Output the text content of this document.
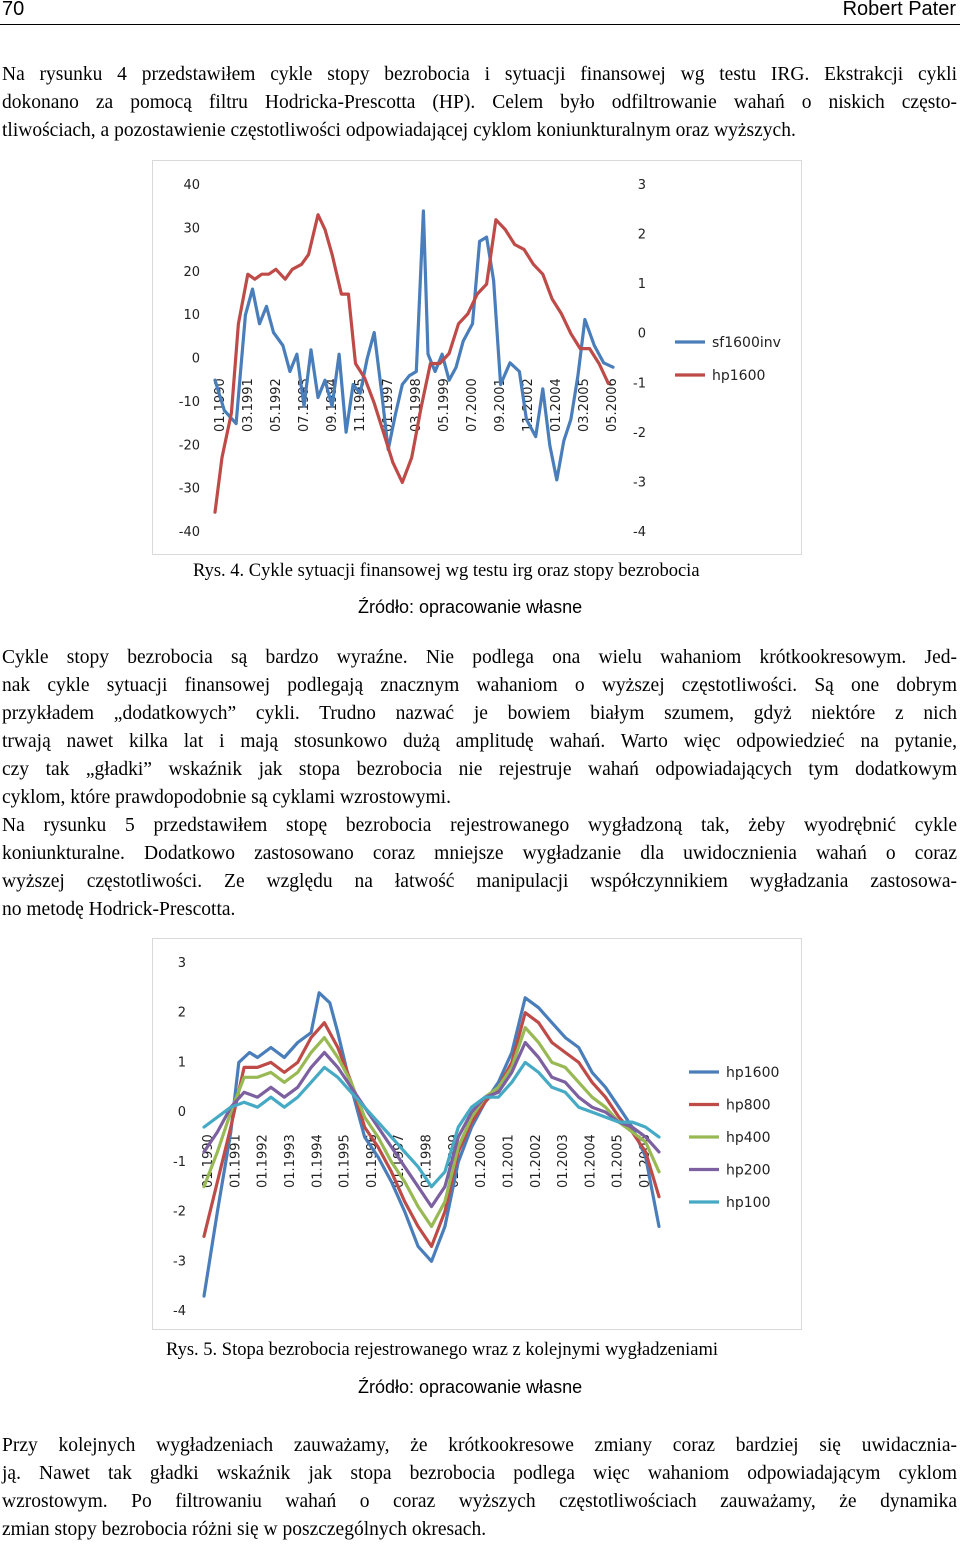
70	Robert Pater
Na rysunku 4 przedstawiłem cykle stopy bezrobocia i sytuacji finansowej wg testu IRG. Ekstrakcji cykli
dokonano za pomocą filtru Hodricka-Prescotta (HP). Celem było odfiltrowanie wahań o niskich często-
tliwościach, a pozostawienie częstotliwości odpowiadającej cyklom koniunkturalnym oraz wyższych.
40
30
20
10
0
-10
-20
-30
-40
3
2
1
0
-1
-2
-3
-4
01.1990 03.1991 05.1992 07.1993 09.1994 11.1995 01.1997 03.1998 05.1999 07.2000 09.2001 11.2002 01.2004 03.2005 05.2006
sf1600inv
hp1600
Rys. 4. Cykle sytuacji finansowej wg testu irg oraz stopy bezrobocia
Źródło: opracowanie własne
Cykle stopy bezrobocia są bardzo wyraźne. Nie podlega ona wielu wahaniom krótkookresowym. Jed-
nak cykle sytuacji finansowej podlegają znacznym wahaniom o wyższej częstotliwości. Są one dobrym
przykładem „dodatkowych” cykli. Trudno nazwać je bowiem białym szumem, gdyż niektóre z nich
trwają nawet kilka lat i mają stosunkowo dużą amplitudę wahań. Warto więc odpowiedzieć na pytanie,
czy tak „gładki” wskaźnik jak stopa bezrobocia nie rejestruje wahań odpowiadających tym dodatkowym
cyklom, które prawdopodobnie są cyklami wzrostowymi.
Na rysunku 5 przedstawiłem stopę bezrobocia rejestrowanego wygładzoną tak, żeby wyodrębnić cykle
koniunkturalne. Dodatkowo zastosowano coraz mniejsze wygładzanie dla uwidocznienia wahań o coraz
wyższej częstotliwości. Ze względu na łatwość manipulacji współczynnikiem wygładzania zastosowa-
no metodę Hodrick-Prescotta.
3
2
1
0
-1
-2
-3
-4
01.1990 01.1991 01.1992 01.1993 01.1994 01.1995 01.1996 01.1997 01.1998 01.1999 01.2000 01.2001 01.2002 01.2003 01.2004 01.2005 01.2006
hp1600
hp800
hp400
hp200
hp100
Rys. 5. Stopa bezrobocia rejestrowanego wraz z kolejnymi wygładzeniami
Źródło: opracowanie własne
Przy kolejnych wygładzeniach zauważamy, że krótkookresowe zmiany coraz bardziej się uwidacznia-
ją. Nawet tak gładki wskaźnik jak stopa bezrobocia podlega więc wahaniom odpowiadającym cyklom
wzrostowym. Po filtrowaniu wahań o coraz wyższych częstotliwościach zauważamy, że dynamika
zmian stopy bezrobocia różni się w poszczególnych okresach.
